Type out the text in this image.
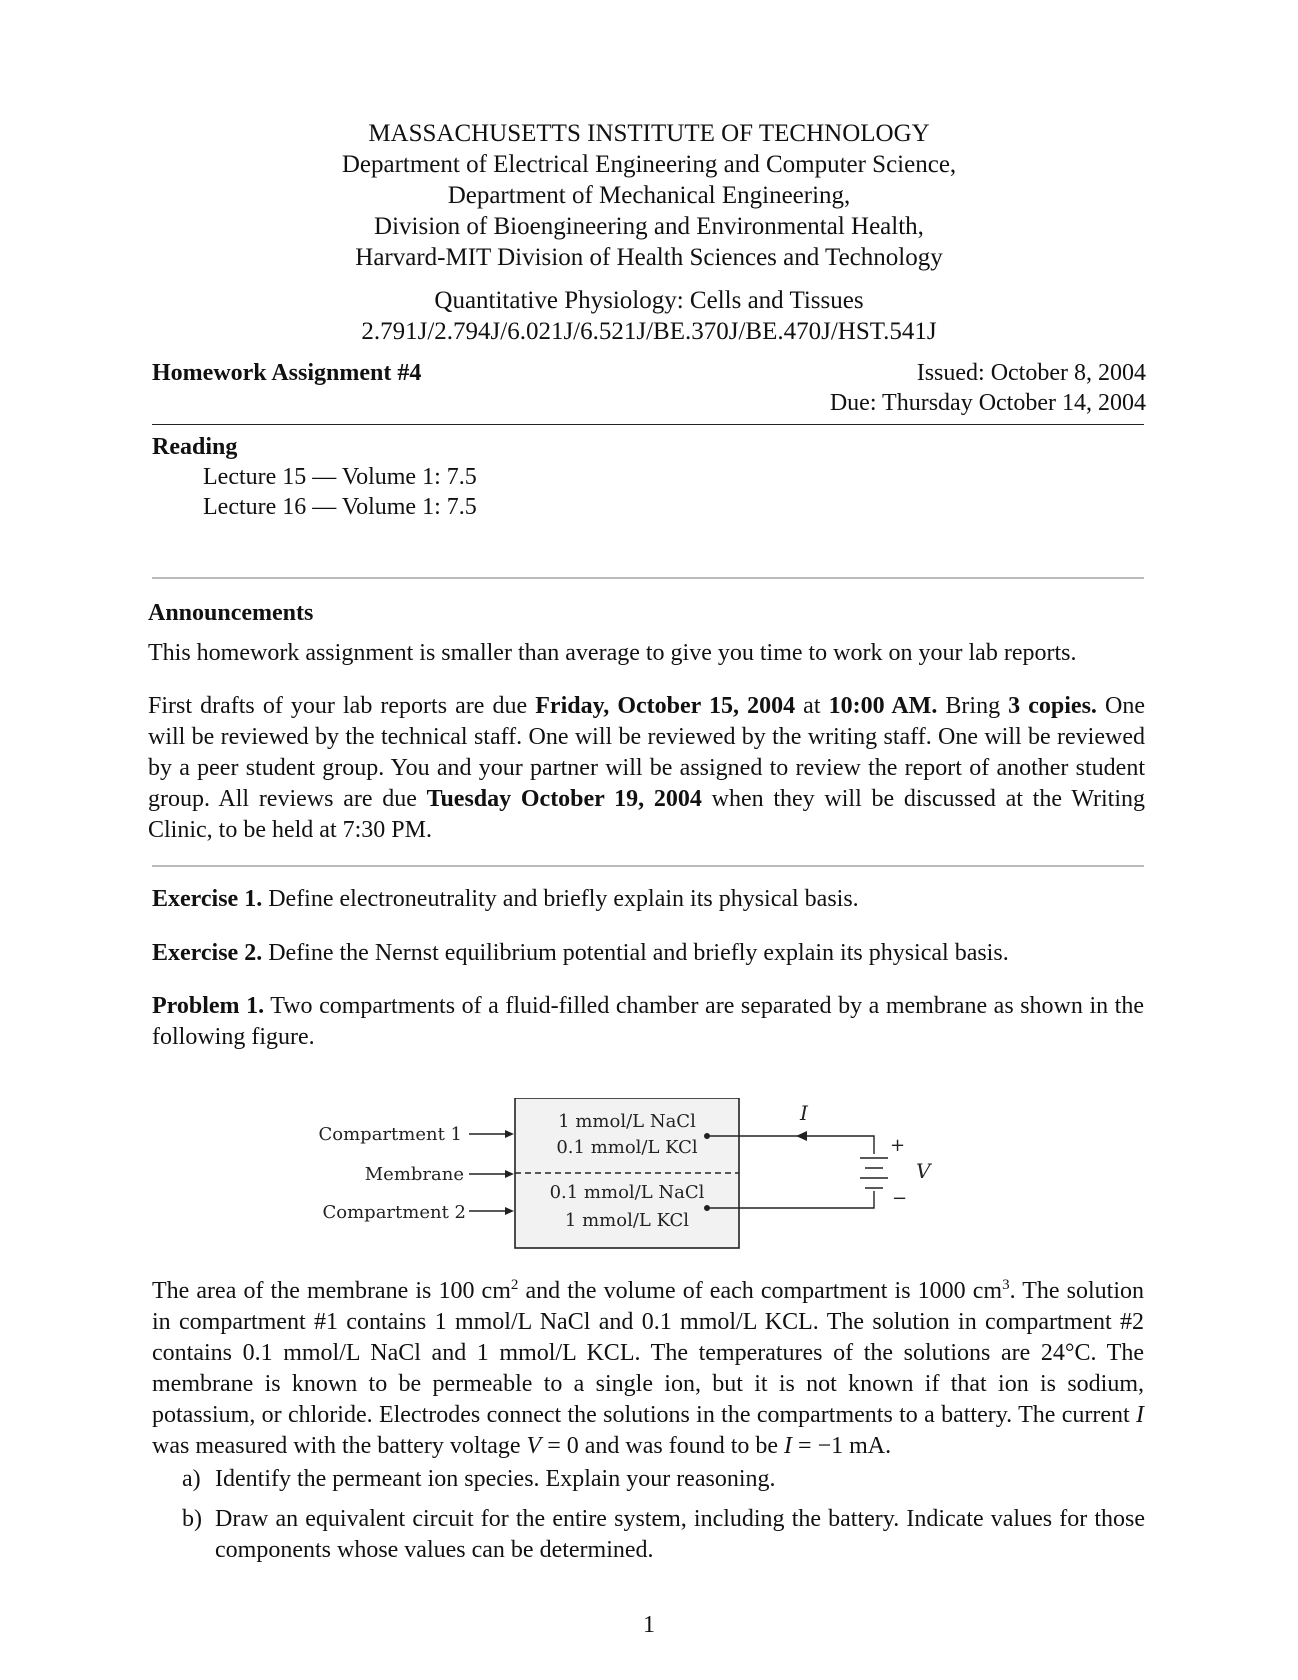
MASSACHUSETTS INSTITUTE OF TECHNOLOGY
Department of Electrical Engineering and Computer Science,
Department of Mechanical Engineering,
Division of Bioengineering and Environmental Health,
Harvard-MIT Division of Health Sciences and Technology
Quantitative Physiology: Cells and Tissues
2.791J/2.794J/6.021J/6.521J/BE.370J/BE.470J/HST.541J
Homework Assignment #4	Issued: October 8, 2004
Due: Thursday October 14, 2004
Reading
Lecture 15 — Volume 1: 7.5
Lecture 16 — Volume 1: 7.5
Announcements
This homework assignment is smaller than average to give you time to work on your lab reports.
First drafts of your lab reports are due Friday, October 15, 2004 at 10:00 AM. Bring 3 copies. One will be reviewed by the technical staff. One will be reviewed by the writing staff. One will be reviewed by a peer student group. You and your partner will be assigned to review the report of another student group. All reviews are due Tuesday October 19, 2004 when they will be discussed at the Writing Clinic, to be held at 7:30 PM.
Exercise 1. Define electroneutrality and briefly explain its physical basis.
Exercise 2. Define the Nernst equilibrium potential and briefly explain its physical basis.
Problem 1. Two compartments of a fluid-filled chamber are separated by a membrane as shown in the following figure.
1 mmol/L NaCl
0.1 mmol/L KCl
0.1 mmol/L NaCl
1 mmol/L KCl
Compartment 1
Membrane
Compartment 2
I
+
−
V
The area of the membrane is 100 $cm^2$ and the volume of each compartment is 1000 $cm^3$. The solution in compartment #1 contains 1 mmol/L NaCl and 0.1 mmol/L KCL. The solution in compartment #2 contains 0.1 mmol/L NaCl and 1 mmol/L KCL. The temperatures of the solutions are 24°C. The membrane is known to be permeable to a single ion, but it is not known if that ion is sodium, potassium, or chloride. Electrodes connect the solutions in the compartments to a battery. The current I was measured with the battery voltage V = 0 and was found to be I = −1 mA.
a) Identify the permeant ion species. Explain your reasoning.
b) Draw an equivalent circuit for the entire system, including the battery. Indicate values for those components whose values can be determined.
1
